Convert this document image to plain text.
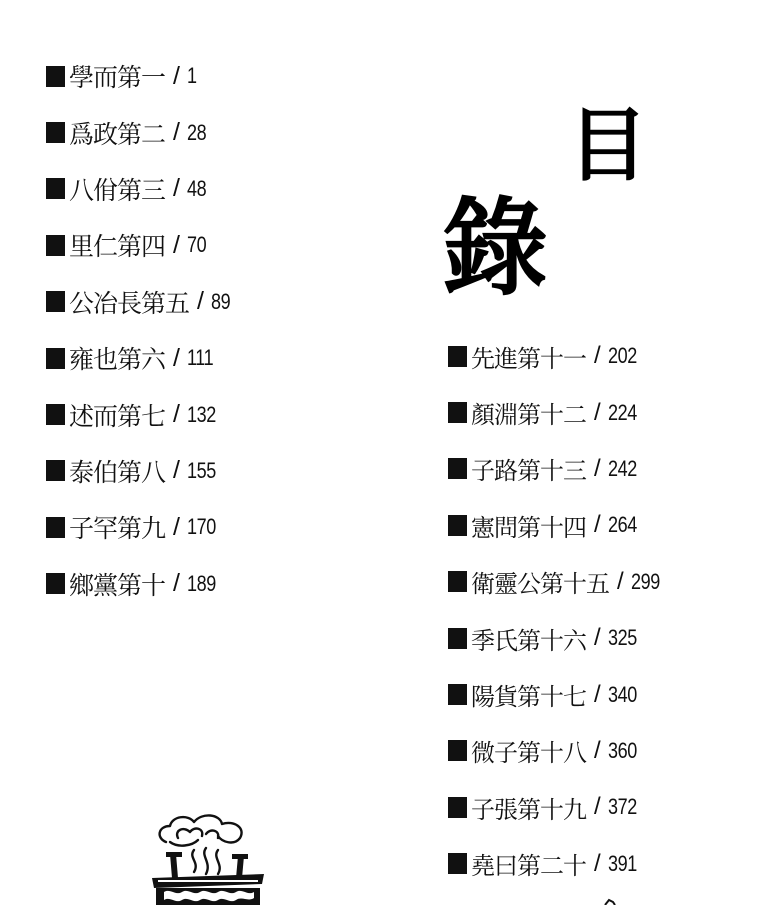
學而第一 / 1
爲政第二 / 28
八佾第三 / 48
里仁第四 / 70
公冶長第五 / 89
雍也第六 / 111
述而第七 / 132
泰伯第八 / 155
子罕第九 / 170
鄉黨第十 / 189
目
錄
先進第十一 / 202
顏淵第十二 / 224
子路第十三 / 242
憲問第十四 / 264
衛靈公第十五 / 299
季氏第十六 / 325
陽貨第十七 / 340
微子第十八 / 360
子張第十九 / 372
堯曰第二十 / 391
